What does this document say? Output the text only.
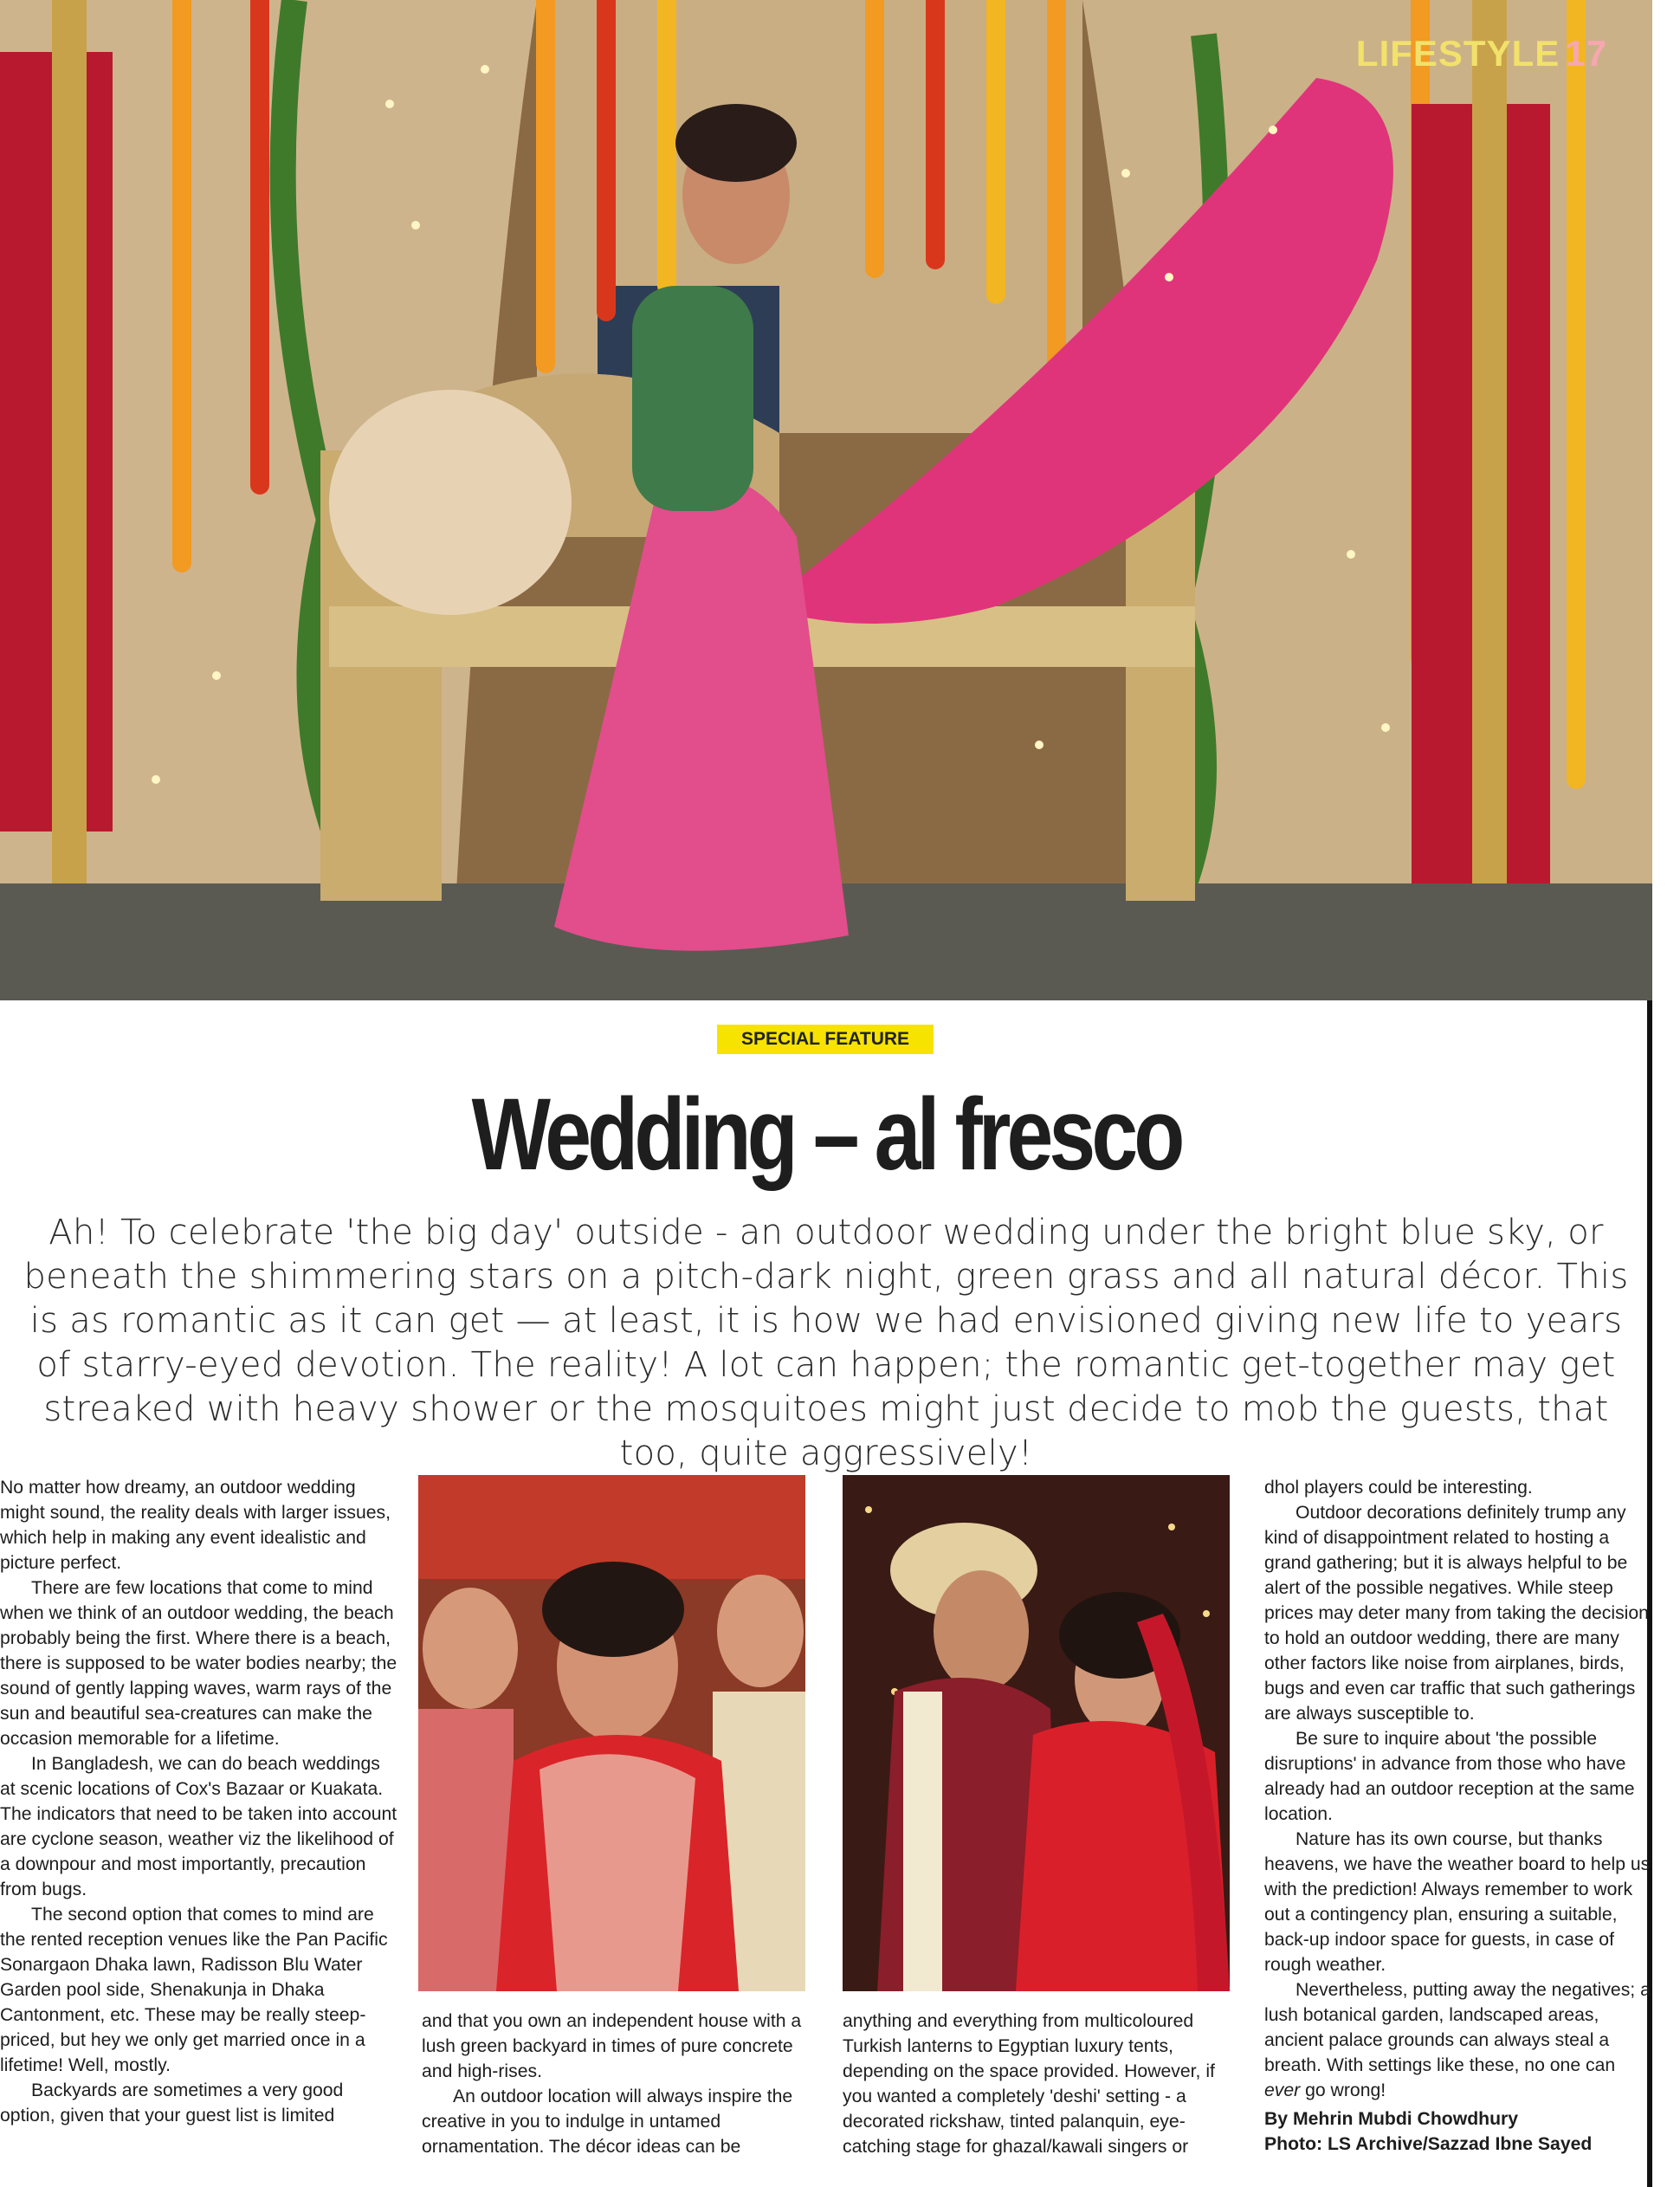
LIFESTYLE 17
SPECIAL FEATURE
Wedding – al fresco
Ah! To celebrate 'the big day' outside - an outdoor wedding under the bright blue sky, or beneath the shimmering stars on a pitch-dark night, green grass and all natural décor. This is as romantic as it can get — at least, it is how we had envisioned giving new life to years of starry-eyed devotion. The reality! A lot can happen; the romantic get-together may get streaked with heavy shower or the mosquitoes might just decide to mob the guests, that too, quite aggressively!

No matter how dreamy, an outdoor wedding might sound, the reality deals with larger issues, which help in making any event idealistic and picture perfect.

There are few locations that come to mind when we think of an outdoor wedding, the beach probably being the first. Where there is a beach, there is supposed to be water bodies nearby; the sound of gently lapping waves, warm rays of the sun and beautiful sea-creatures can make the occasion memorable for a lifetime.

In Bangladesh, we can do beach weddings at scenic locations of Cox's Bazaar or Kuakata. The indicators that need to be taken into account are cyclone season, weather viz the likelihood of a downpour and most importantly, precaution from bugs.

The second option that comes to mind are the rented reception venues like the Pan Pacific Sonargaon Dhaka lawn, Radisson Blu Water Garden pool side, Shenakunja in Dhaka Cantonment, etc. These may be really steep-priced, but hey we only get married once in a lifetime! Well, mostly.

Backyards are sometimes a very good option, given that your guest list is limited

and that you own an independent house with a lush green backyard in times of pure concrete and high-rises.

An outdoor location will always inspire the creative in you to indulge in untamed ornamentation. The décor ideas can be

anything and everything from multicoloured Turkish lanterns to Egyptian luxury tents, depending on the space provided. However, if you wanted a completely 'deshi' setting - a decorated rickshaw, tinted palanquin, eye-catching stage for ghazal/kawali singers or

dhol players could be interesting.

Outdoor decorations definitely trump any kind of disappointment related to hosting a grand gathering; but it is always helpful to be alert of the possible negatives. While steep prices may deter many from taking the decision to hold an outdoor wedding, there are many other factors like noise from airplanes, birds, bugs and even car traffic that such gatherings are always susceptible to.

Be sure to inquire about 'the possible disruptions' in advance from those who have already had an outdoor reception at the same location.

Nature has its own course, but thanks heavens, we have the weather board to help us with the prediction! Always remember to work out a contingency plan, ensuring a suitable, back-up indoor space for guests, in case of rough weather.

Nevertheless, putting away the negatives; a lush botanical garden, landscaped areas, ancient palace grounds can always steal a breath. With settings like these, no one can ever go wrong!

By Mehrin Mubdi Chowdhury
Photo: LS Archive/Sazzad Ibne Sayed
